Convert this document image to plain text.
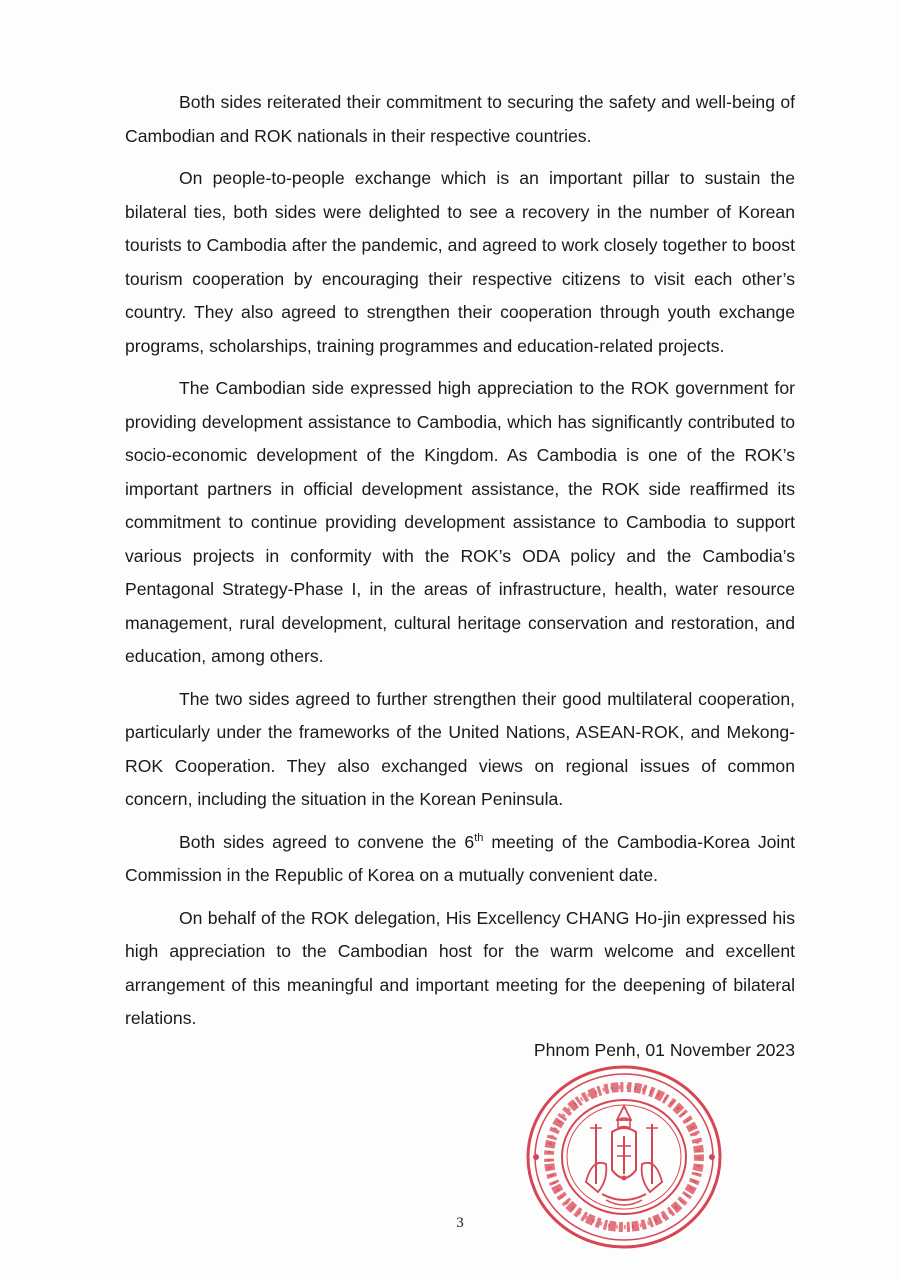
Both sides reiterated their commitment to securing the safety and well-being of Cambodian and ROK nationals in their respective countries.

On people-to-people exchange which is an important pillar to sustain the bilateral ties, both sides were delighted to see a recovery in the number of Korean tourists to Cambodia after the pandemic, and agreed to work closely together to boost tourism cooperation by encouraging their respective citizens to visit each other’s country. They also agreed to strengthen their cooperation through youth exchange programs, scholarships, training programmes and education-related projects.

The Cambodian side expressed high appreciation to the ROK government for providing development assistance to Cambodia, which has significantly contributed to socio-economic development of the Kingdom. As Cambodia is one of the ROK’s important partners in official development assistance, the ROK side reaffirmed its commitment to continue providing development assistance to Cambodia to support various projects in conformity with the ROK’s ODA policy and the Cambodia’s Pentagonal Strategy-Phase I, in the areas of infrastructure, health, water resource management, rural development, cultural heritage conservation and restoration, and education, among others.

The two sides agreed to further strengthen their good multilateral cooperation, particularly under the frameworks of the United Nations, ASEAN-ROK, and Mekong-ROK Cooperation. They also exchanged views on regional issues of common concern, including the situation in the Korean Peninsula.

Both sides agreed to convene the 6th meeting of the Cambodia-Korea Joint Commission in the Republic of Korea on a mutually convenient date.

On behalf of the ROK delegation, His Excellency CHANG Ho-jin expressed his high appreciation to the Cambodian host for the warm welcome and excellent arrangement of this meaningful and important meeting for the deepening of bilateral relations.

Phnom Penh, 01 November 2023
3
